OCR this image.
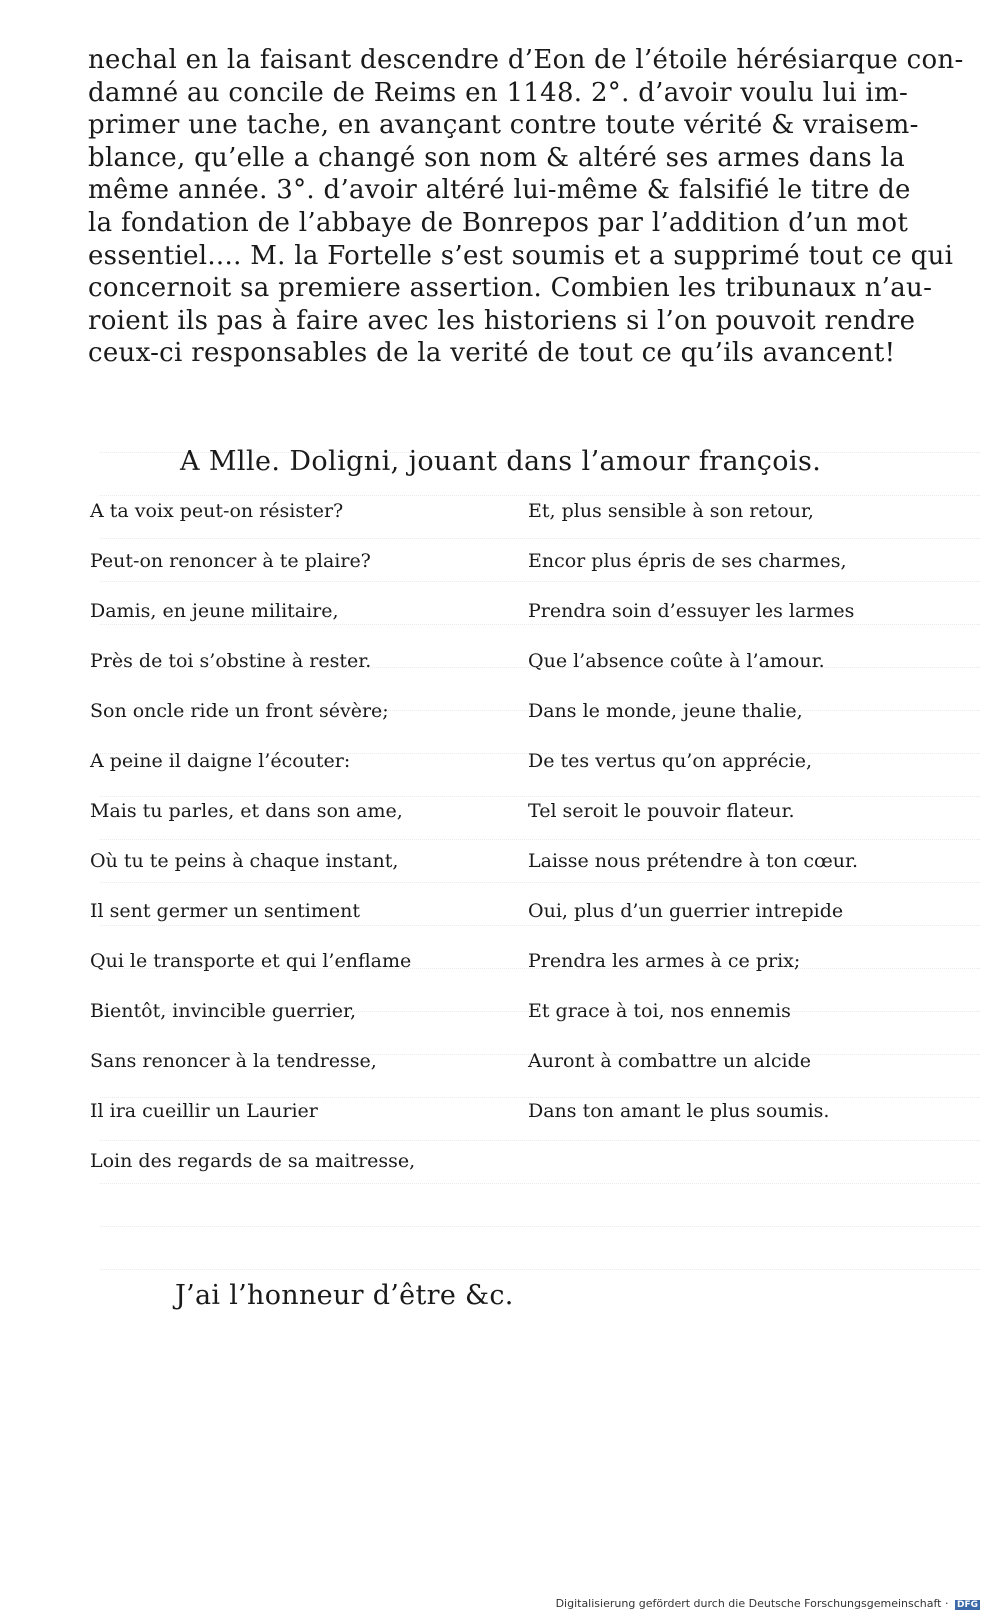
nechal en la faisant descendre d’Eon de l’étoile hérésiarque con-
damné au concile de Reims en 1148. 2°. d’avoir voulu lui im-
primer une tache, en avançant contre toute vérité & vraisem-
blance, qu’elle a changé son nom & altéré ses armes dans la
même année. 3°. d’avoir altéré lui-même & falsifié le titre de
la fondation de l’abbaye de Bonrepos par l’addition d’un mot
essentiel.... M. la Fortelle s’est soumis et a supprimé tout ce qui
concernoit sa premiere assertion. Combien les tribunaux n’au-
roient ils pas à faire avec les historiens si l’on pouvoit rendre
ceux-ci responsables de la verité de tout ce qu’ils avancent!
A Mlle. Doligni, jouant dans l’amour françois.
A ta voix peut-on résister?
Peut-on renoncer à te plaire?
Damis, en jeune militaire,
Près de toi s’obstine à rester.
Son oncle ride un front sévère;
A peine il daigne l’écouter:
Mais tu parles, et dans son ame,
Où tu te peins à chaque instant,
Il sent germer un sentiment
Qui le transporte et qui l’enflame
Bientôt, invincible guerrier,
Sans renoncer à la tendresse,
Il ira cueillir un Laurier
Loin des regards de sa maitresse,
Et, plus sensible à son retour,
Encor plus épris de ses charmes,
Prendra soin d’essuyer les larmes
Que l’absence coûte à l’amour.
Dans le monde, jeune thalie,
De tes vertus qu’on apprécie,
Tel seroit le pouvoir flateur.
Laisse nous prétendre à ton cœur.
Oui, plus d’un guerrier intrepide
Prendra les armes à ce prix;
Et grace à toi, nos ennemis
Auront à combattre un alcide
Dans ton amant le plus soumis.
J’ai l’honneur d’être &c.
Digitalisierung gefördert durch die Deutsche Forschungsgemeinschaft · DFG
